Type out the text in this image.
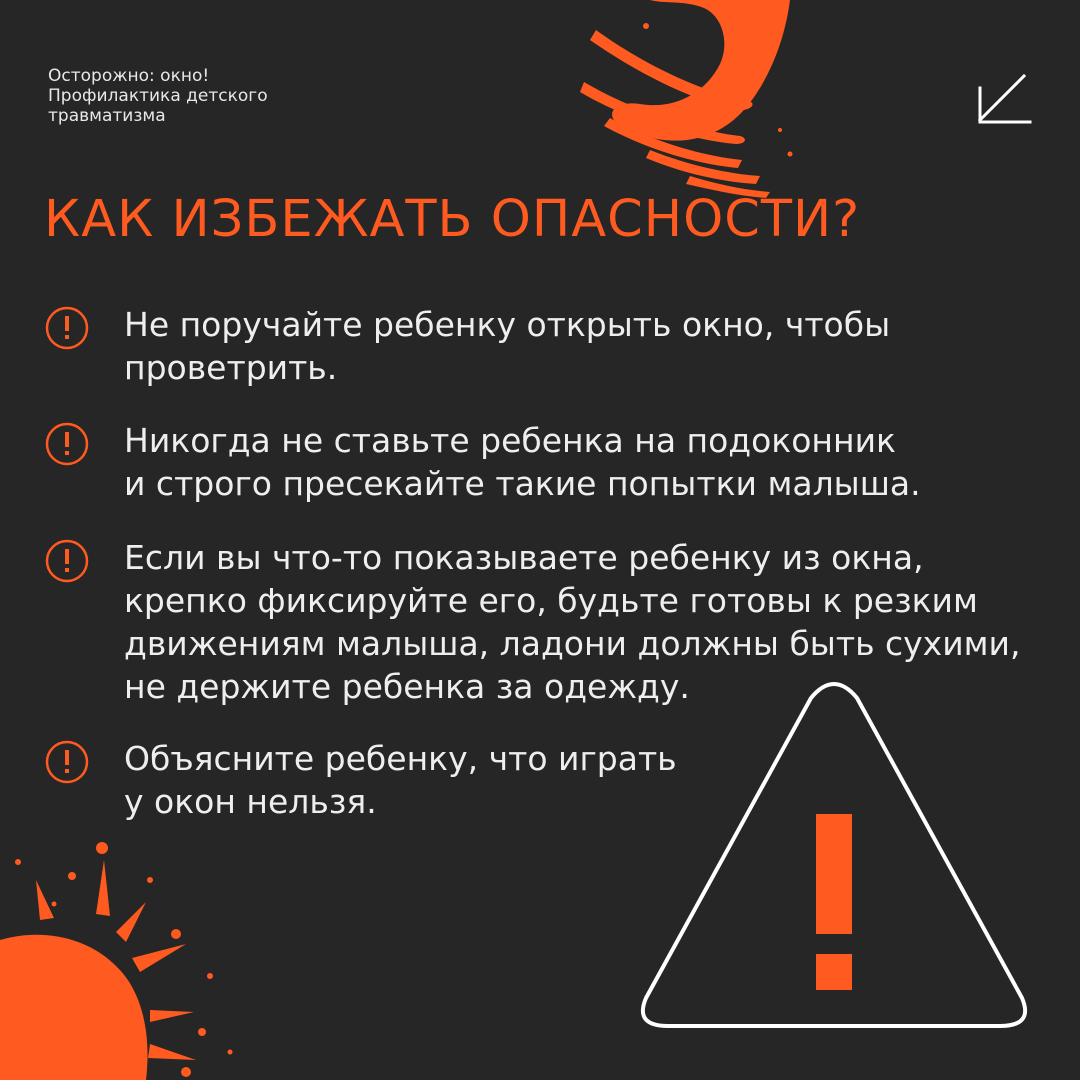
Осторожно: окно!
Профилактика детского
травматизма
КАК ИЗБЕЖАТЬ ОПАСНОСТИ?

Не поручайте ребенку открыть окно, чтобы
проветрить.

Никогда не ставьте ребенка на подоконник
и строго пресекайте такие попытки малыша.

Если вы что-то показываете ребенку из окна,
крепко фиксируйте его, будьте готовы к резким
движениям малыша, ладони должны быть сухими,
не держите ребенка за одежду.

Объясните ребенку, что играть
у окон нельзя.
